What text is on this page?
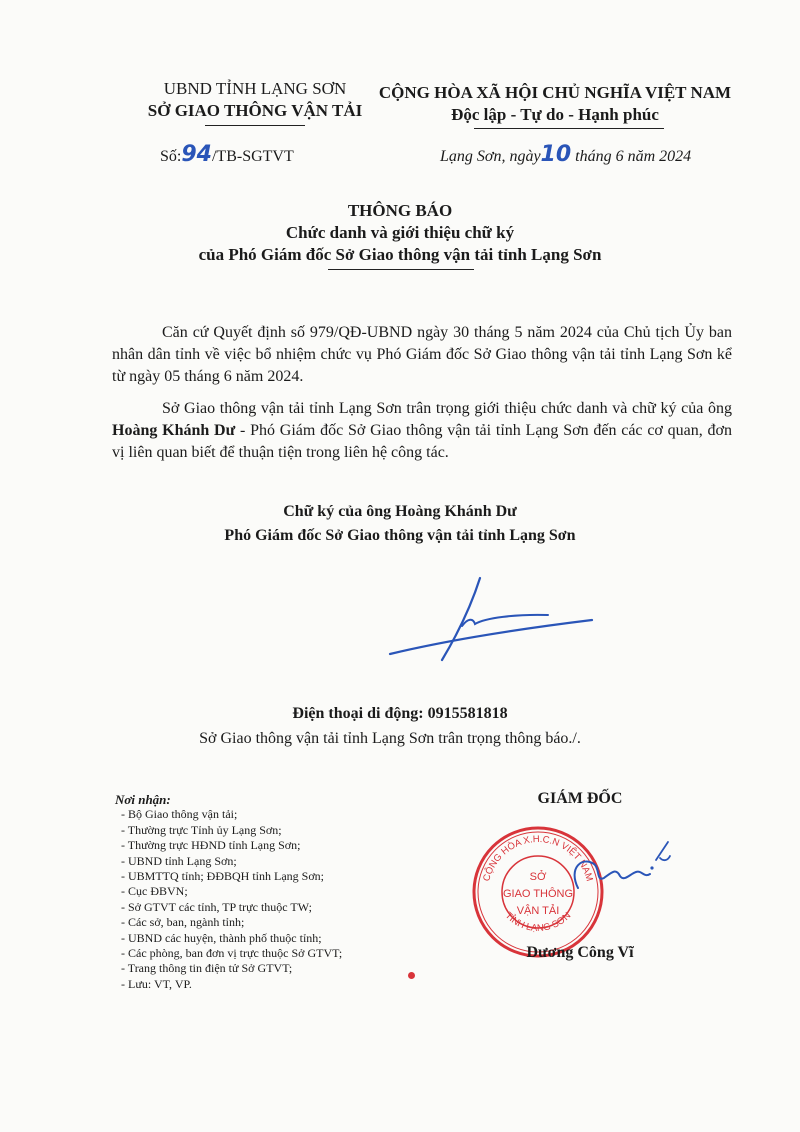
UBND TỈNH LẠNG SƠN
SỞ GIAO THÔNG VẬN TẢI
CỘNG HÒA XÃ HỘI CHỦ NGHĨA VIỆT NAM
Độc lập - Tự do - Hạnh phúc
Số:94/TB-SGTVT	Lạng Sơn, ngày10 tháng 6 năm 2024
THÔNG BÁO
Chức danh và giới thiệu chữ ký
của Phó Giám đốc Sở Giao thông vận tải tỉnh Lạng Sơn

Căn cứ Quyết định số 979/QĐ-UBND ngày 30 tháng 5 năm 2024 của Chủ tịch Ủy ban nhân dân tỉnh về việc bổ nhiệm chức vụ Phó Giám đốc Sở Giao thông vận tải tỉnh Lạng Sơn kể từ ngày 05 tháng 6 năm 2024.

Sở Giao thông vận tải tỉnh Lạng Sơn trân trọng giới thiệu chức danh và chữ ký của ông Hoàng Khánh Dư - Phó Giám đốc Sở Giao thông vận tải tỉnh Lạng Sơn đến các cơ quan, đơn vị liên quan biết để thuận tiện trong liên hệ công tác.

Chữ ký của ông Hoàng Khánh Dư
Phó Giám đốc Sở Giao thông vận tải tỉnh Lạng Sơn
Điện thoại di động: 0915581818
Sở Giao thông vận tải tỉnh Lạng Sơn trân trọng thông báo./.
Nơi nhận:
- Bộ Giao thông vận tải;
- Thường trực Tỉnh ủy Lạng Sơn;
- Thường trực HĐND tỉnh Lạng Sơn;
- UBND tỉnh Lạng Sơn;
- UBMTTQ tỉnh; ĐĐBQH tỉnh Lạng Sơn;
- Cục ĐBVN;
- Sở GTVT các tỉnh, TP trực thuộc TW;
- Các sở, ban, ngành tỉnh;
- UBND các huyện, thành phố thuộc tỉnh;
- Các phòng, ban đơn vị trực thuộc Sở GTVT;
- Trang thông tin điện tử Sở GTVT;
- Lưu: VT, VP.
GIÁM ĐỐC
CỘNG HÒA X.H.C.N VIỆT NAM
TỈNH LẠNG SƠN
SỞ
GIAO THÔNG
VẬN TẢI
Dương Công Vĩ
